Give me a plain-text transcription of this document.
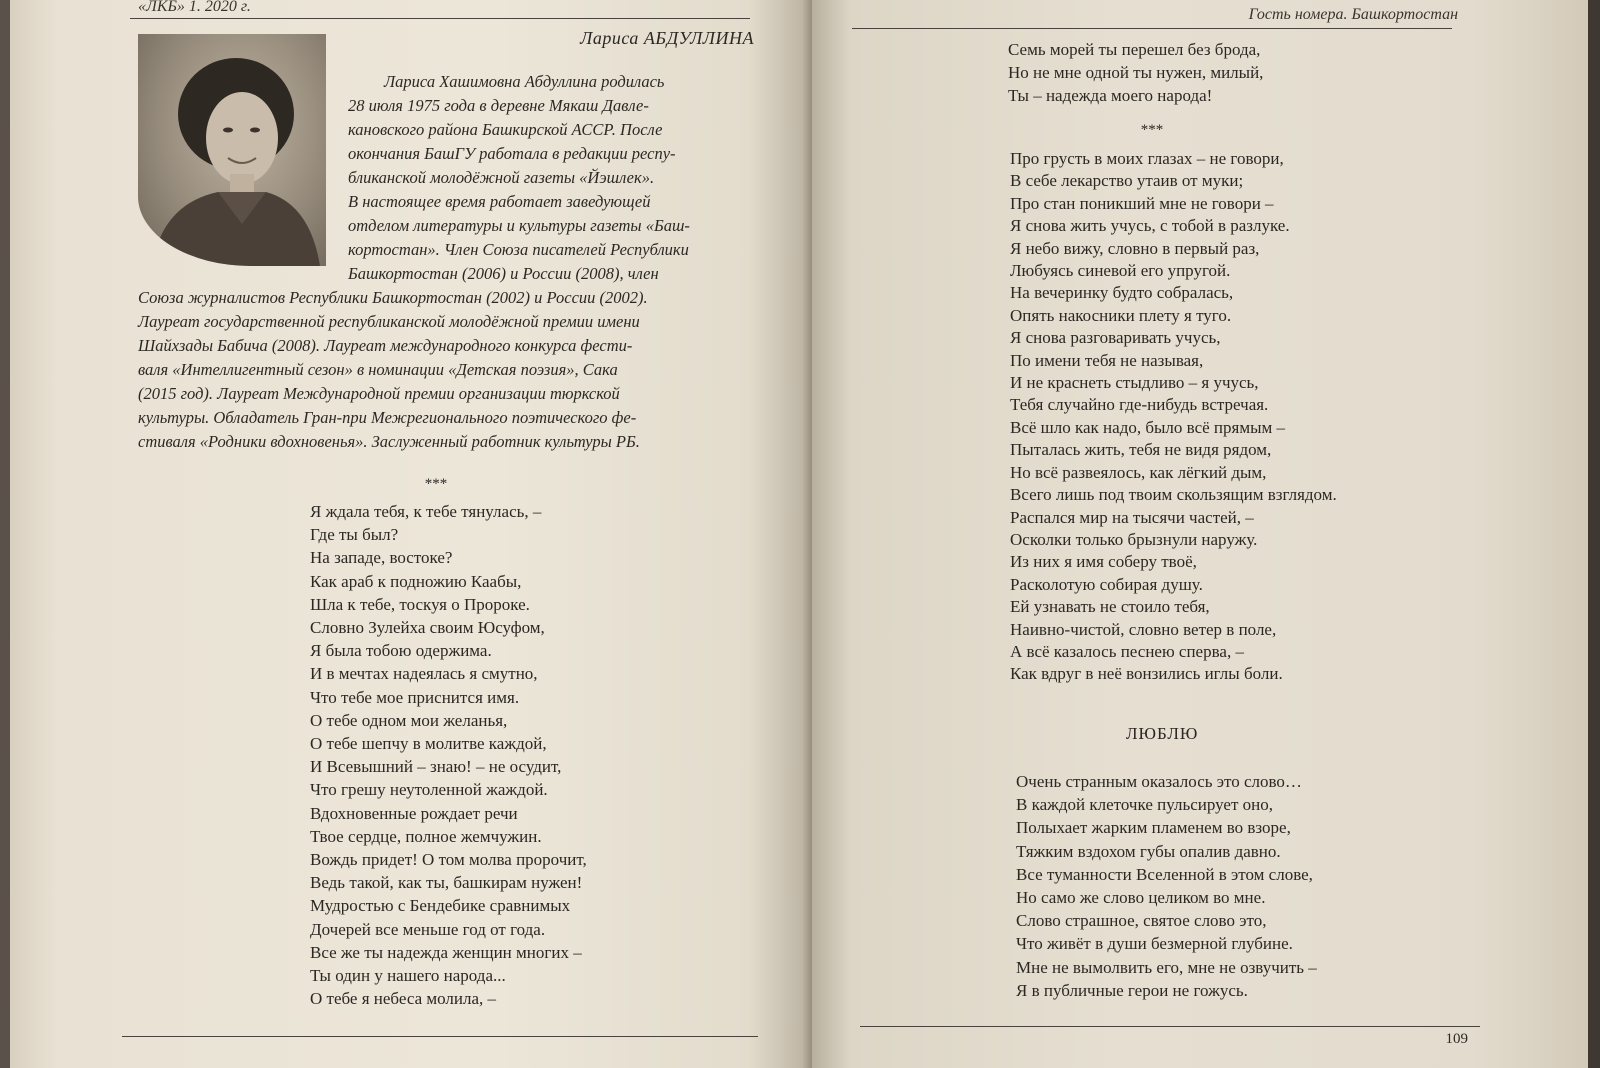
«ЛКБ» 1. 2020 г.
Лариса АБДУЛЛИНА
Лариса Хашимовна Абдуллина родилась
28 июля 1975 года в деревне Мякаш Давле-
кановского района Башкирской АССР. После
окончания БашГУ работала в редакции респу-
бликанской молодёжной газеты «Йэшлек».
В настоящее время работает заведующей
отделом литературы и культуры газеты «Баш-
кортостан». Член Союза писателей Республики
Башкортостан (2006) и России (2008), член
Союза журналистов Республики Башкортостан (2002) и России (2002).
Лауреат государственной республиканской молодёжной премии имени
Шайхзады Бабича (2008). Лауреат международного конкурса фести-
валя «Интеллигентный сезон» в номинации «Детская поэзия», Сака
(2015 год). Лауреат Международной премии организации тюркской
культуры. Обладатель Гран-при Межрегионального поэтического фе-
стиваля «Родники вдохновенья». Заслуженный работник культуры РБ.
***
Я ждала тебя, к тебе тянулась, –
Где ты был?
На западе, востоке?
Как араб к подножию Каабы,
Шла к тебе, тоскуя о Пророке.
Словно Зулейха своим Юсуфом,
Я была тобою одержима.
И в мечтах надеялась я смутно,
Что тебе мое приснится имя.
О тебе одном мои желанья,
О тебе шепчу в молитве каждой,
И Всевышний – знаю! – не осудит,
Что грешу неутоленной жаждой.
Вдохновенные рождает речи
Твое сердце, полное жемчужин.
Вождь придет! О том молва пророчит,
Ведь такой, как ты, башкирам нужен!
Мудростью с Бендебике сравнимых
Дочерей все меньше год от года.
Все же ты надежда женщин многих –
Ты один у нашего народа...
О тебе я небеса молила, –
Гость номера. Башкортостан
Семь морей ты перешел без брода,
Но не мне одной ты нужен, милый,
Ты – надежда моего народа!
***
Про грусть в моих глазах – не говори,
В себе лекарство утаив от муки;
Про стан поникший мне не говори –
Я снова жить учусь, с тобой в разлуке.
Я небо вижу, словно в первый раз,
Любуясь синевой его упругой.
На вечеринку будто собралась,
Опять накосники плету я туго.
Я снова разговаривать учусь,
По имени тебя не называя,
И не краснеть стыдливо – я учусь,
Тебя случайно где-нибудь встречая.
Всё шло как надо, было всё прямым –
Пыталась жить, тебя не видя рядом,
Но всё развеялось, как лёгкий дым,
Всего лишь под твоим скользящим взглядом.
Распался мир на тысячи частей, –
Осколки только брызнули наружу.
Из них я имя соберу твоё,
Расколотую собирая душу.
Ей узнавать не стоило тебя,
Наивно-чистой, словно ветер в поле,
А всё казалось песнею сперва, –
Как вдруг в неё вонзились иглы боли.
ЛЮБЛЮ
Очень странным оказалось это слово…
В каждой клеточке пульсирует оно,
Полыхает жарким пламенем во взоре,
Тяжким вздохом губы опалив давно.
Все туманности Вселенной в этом слове,
Но само же слово целиком во мне.
Слово страшное, святое слово это,
Что живёт в души безмерной глубине.
Мне не вымолвить его, мне не озвучить –
Я в публичные герои не гожусь.
109
